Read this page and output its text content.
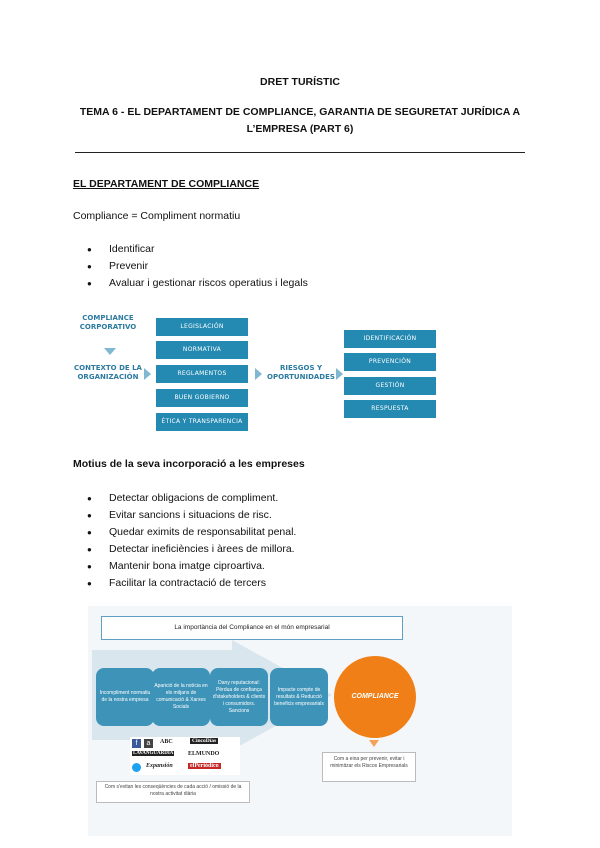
DRET TURÍSTIC
TEMA 6 - EL DEPARTAMENT DE COMPLIANCE, GARANTIA DE SEGURETAT JURÍDICA A
L’EMPRESA (PART 6)
EL DEPARTAMENT DE COMPLIANCE
Compliance = Compliment normatiu
● Identificar
● Prevenir
● Avaluar i gestionar riscos operatius i legals
COMPLIANCE
CORPORATIVO
CONTEXTO DE LA
ORGANIZACIÓN
LEGISLACIÓN
NORMATIVA
REGLAMENTOS
BUEN GOBIERNO
ÉTICA Y TRANSPARENCIA
RIESGOS Y
OPORTUNIDADES
IDENTIFICACIÓN
PREVENCIÓN
GESTIÓN
RESPUESTA
Motius de la seva incorporació a les empreses
● Detectar obligacions de compliment.
● Evitar sancions i situacions de risc.
● Quedar eximits de responsabilitat penal.
● Detectar ineficiències i àrees de millora.
● Mantenir bona imatge ciproartiva.
● Facilitar la contractació de tercers
La importància del Compliance en el món empresarial
Incompliment normatiu de la nostra empresa
Aparició de la notícia en els mitjans de comunicació & Xarxes Socials
Dany reputacional: Pèrdua de confiança d'stakeholders & clients i consumidors. Sancions
Impacte compte de resultats & Reducció beneficis empresarials
COMPLIANCE
Com a eina per prevenir, evitar i minimitzar els Riscos Empresarials
f	a	ABC	CincoDías
LAVANGUARDIA ELMUNDO
Expansión	elPeriódico
Com s'evitan les conseqüències de cada acció / omissió de la nostra activitat diària
